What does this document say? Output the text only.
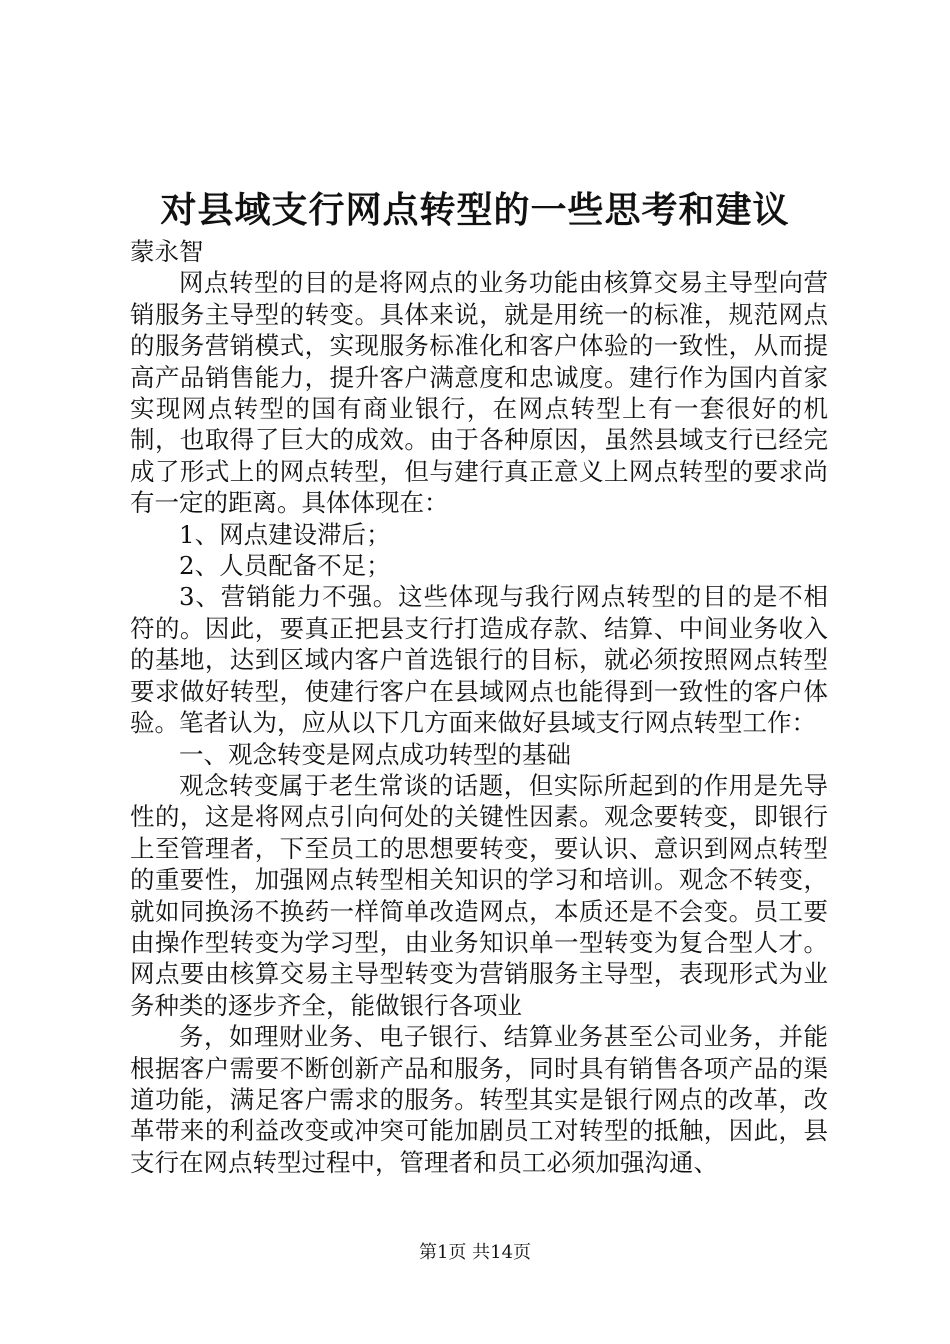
对县域支行网点转型的一些思考和建议

蒙永智

网点转型的目的是将网点的业务功能由核算交易主导型向营销服务主导型的转变。具体来说，就是用统一的标准，规范网点的服务营销模式，实现服务标准化和客户体验的一致性，从而提高产品销售能力，提升客户满意度和忠诚度。建行作为国内首家实现网点转型的国有商业银行，在网点转型上有一套很好的机制，也取得了巨大的成效。由于各种原因，虽然县域支行已经完成了形式上的网点转型，但与建行真正意义上网点转型的要求尚有一定的距离。具体体现在：

1、网点建设滞后；

2、人员配备不足；

3、营销能力不强。这些体现与我行网点转型的目的是不相符的。因此，要真正把县支行打造成存款、结算、中间业务收入的基地，达到区域内客户首选银行的目标，就必须按照网点转型要求做好转型，使建行客户在县域网点也能得到一致性的客户体验。笔者认为，应从以下几方面来做好县域支行网点转型工作：

一、观念转变是网点成功转型的基础

观念转变属于老生常谈的话题，但实际所起到的作用是先导性的，这是将网点引向何处的关键性因素。观念要转变，即银行上至管理者，下至员工的思想要转变，要认识、意识到网点转型的重要性，加强网点转型相关知识的学习和培训。观念不转变，就如同换汤不换药一样简单改造网点，本质还是不会变。员工要由操作型转变为学习型，由业务知识单一型转变为复合型人才。网点要由核算交易主导型转变为营销服务主导型，表现形式为业务种类的逐步齐全，能做银行各项业

务，如理财业务、电子银行、结算业务甚至公司业务，并能根据客户需要不断创新产品和服务，同时具有销售各项产品的渠道功能，满足客户需求的服务。转型其实是银行网点的改革，改革带来的利益改变或冲突可能加剧员工对转型的抵触，因此，县支行在网点转型过程中，管理者和员工必须加强沟通、

第1页 共14页
